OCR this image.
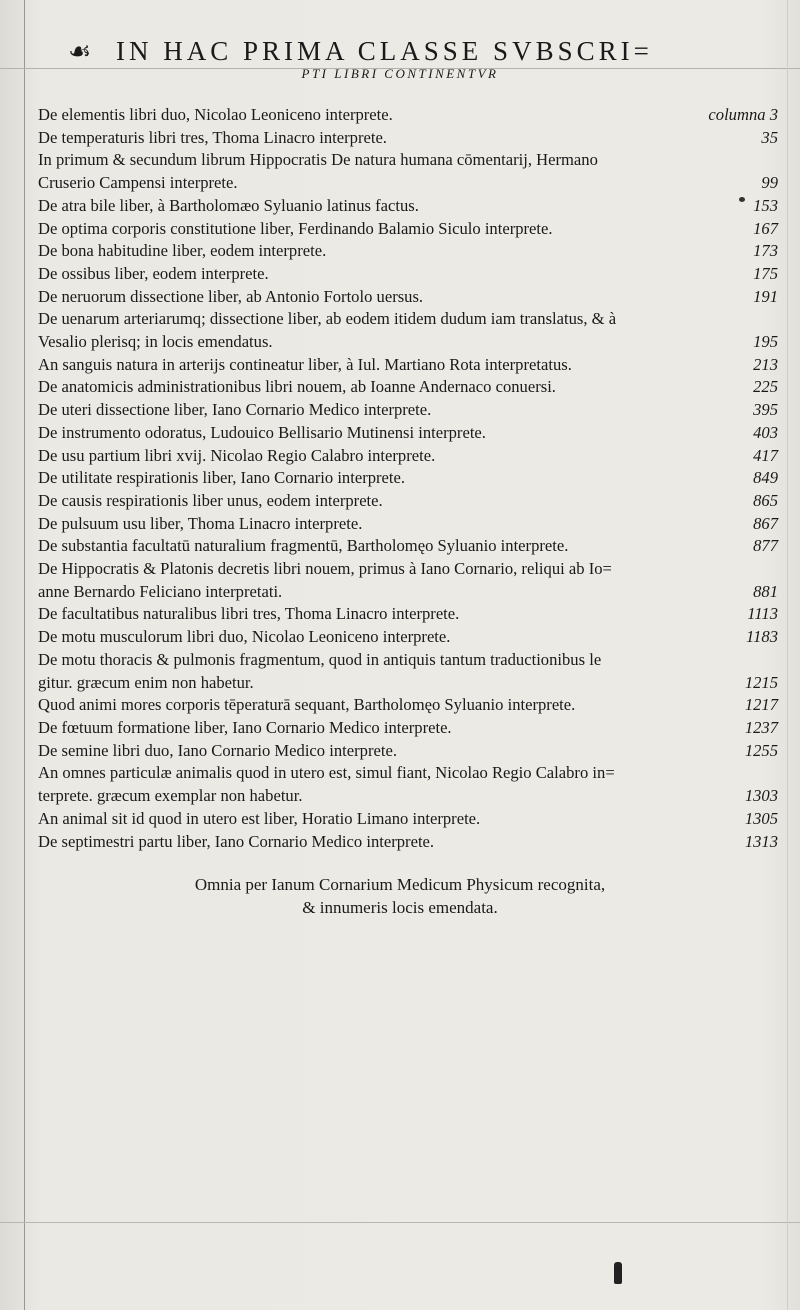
☙ IN HAC PRIMA CLASSE SVBSCRI=
PTI LIBRI CONTINENTVR
De elementis libri duo, Nicolao Leoniceno interprete.	columna 3
De temperaturis libri tres, Thoma Linacro interprete.	35
In primum & secundum librum Hippocratis De natura humana cōmentarij, Hermano
Cruserio Campensi interprete.	99
De atra bile liber, à Bartholomæo Syluanio latinus factus.	153
De optima corporis constitutione liber, Ferdinando Balamio Siculo interprete.	167
De bona habitudine liber, eodem interprete.	173
De ossibus liber, eodem interprete.	175
De neruorum dissectione liber, ab Antonio Fortolo uersus.	191
De uenarum arteriarumq; dissectione liber, ab eodem itidem dudum iam translatus, & à
Vesalio plerisq; in locis emendatus.	195
An sanguis natura in arterijs contineatur liber, à Iul. Martiano Rota interpretatus.	213
De anatomicis administrationibus libri nouem, ab Ioanne Andernaco conuersi.	225
De uteri dissectione liber, Iano Cornario Medico interprete.	395
De instrumento odoratus, Ludouico Bellisario Mutinensi interprete.	403
De usu partium libri xvij. Nicolao Regio Calabro interprete.	417
De utilitate respirationis liber, Iano Cornario interprete.	849
De causis respirationis liber unus, eodem interprete.	865
De pulsuum usu liber, Thoma Linacro interprete.	867
De substantia facultatū naturalium fragmentū, Bartholomęo Syluanio interprete.	877
De Hippocratis & Platonis decretis libri nouem, primus à Iano Cornario, reliqui ab Io=
anne Bernardo Feliciano interpretati.	881
De facultatibus naturalibus libri tres, Thoma Linacro interprete.	1113
De motu musculorum libri duo, Nicolao Leoniceno interprete.	1183
De motu thoracis & pulmonis fragmentum, quod in antiquis tantum traductionibus le
gitur. græcum enim non habetur.	1215
Quod animi mores corporis tēperaturā sequant, Bartholomęo Syluanio interprete.	1217
De fœtuum formatione liber, Iano Cornario Medico interprete.	1237
De semine libri duo, Iano Cornario Medico interprete.	1255
An omnes particulæ animalis quod in utero est, simul fiant, Nicolao Regio Calabro in=
terprete. græcum exemplar non habetur.	1303
An animal sit id quod in utero est liber, Horatio Limano interprete.	1305
De septimestri partu liber, Iano Cornario Medico interprete.	1313
Omnia per Ianum Cornarium Medicum Physicum recognita,
& innumeris locis emendata.
